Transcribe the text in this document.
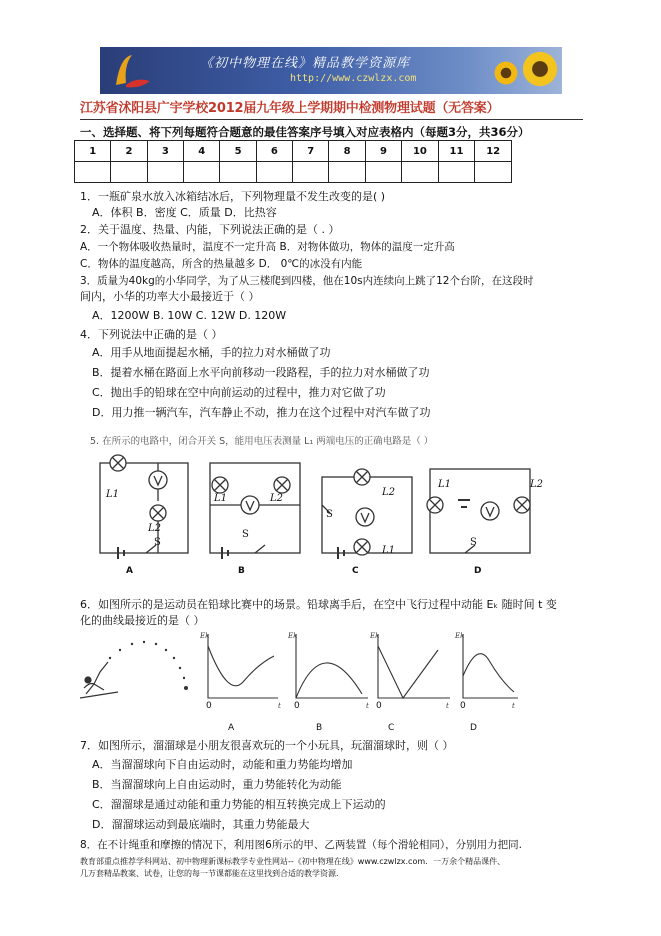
《初中物理在线》精品教学资源库
http://www.czwlzx.com
江苏省沭阳县广宇学校2012届九年级上学期期中检测物理试题（无答案）
一、选择题、将下列每题符合题意的最佳答案序号填入对应表格内（每题3分，共36分）
1	2	3	4	5	6	7	8	9	10	11	12

1．一瓶矿泉水放入冰箱结冰后，下列物理量不发生改变的是( )
A．体积 B．密度 C．质量 D．比热容
2．关于温度、热量、内能，下列说法正确的是（ . ）
A．一个物体吸收热量时，温度不一定升高 B．对物体做功，物体的温度一定升高
C．物体的温度越高，所含的热量越多 D． 0℃的冰没有内能
3．质量为40kg的小华同学，为了从三楼爬到四楼，他在10s内连续向上跳了12个台阶，在这段时
间内，小华的功率大小最接近于（ ）
A．1200W B. 10W C. 12W D. 120W
4．下列说法中正确的是（ ）
A．用手从地面提起水桶，手的拉力对水桶做了功
B．提着水桶在路面上水平向前移动一段路程，手的拉力对水桶做了功
C．抛出手的铅球在空中向前运动的过程中，推力对它做了功
D．用力推一辆汽车，汽车静止不动，推力在这个过程中对汽车做了功
5. 在所示的电路中，闭合开关 S，能用电压表测量 L₁ 两端电压的正确电路是（ ）
L1
L2
S
L1	L2
S
L2
S
L1
L1	L2
S
A	B	C	D
6．如图所示的是运动员在铅球比赛中的场景。铅球离手后，在空中飞行过程中动能 Eₖ 随时间 t 变
化的曲线最接近的是（ ）
Ek	Ek	Ek	Ek
t	t	t	t
0	0	0	0
A	B	C	D
7．如图所示，溜溜球是小朋友很喜欢玩的一个小玩具，玩溜溜球时，则（ ）
A．当溜溜球向下自由运动时，动能和重力势能均增加
B．当溜溜球向上自由运动时，重力势能转化为动能
C．溜溜球是通过动能和重力势能的相互转换完成上下运动的
D．溜溜球运动到最底端时，其重力势能最大
8．在不计绳重和摩擦的情况下，利用图6所示的甲、乙两装置（每个滑轮相同），分别用力把同.
教育部重点推荐学科网站、初中物理新课标教学专业性网站--《初中物理在线》www.czwlzx.com．一万余个精品课件、
几万套精品教案、试卷，让您的每一节课都能在这里找到合适的教学资源．
